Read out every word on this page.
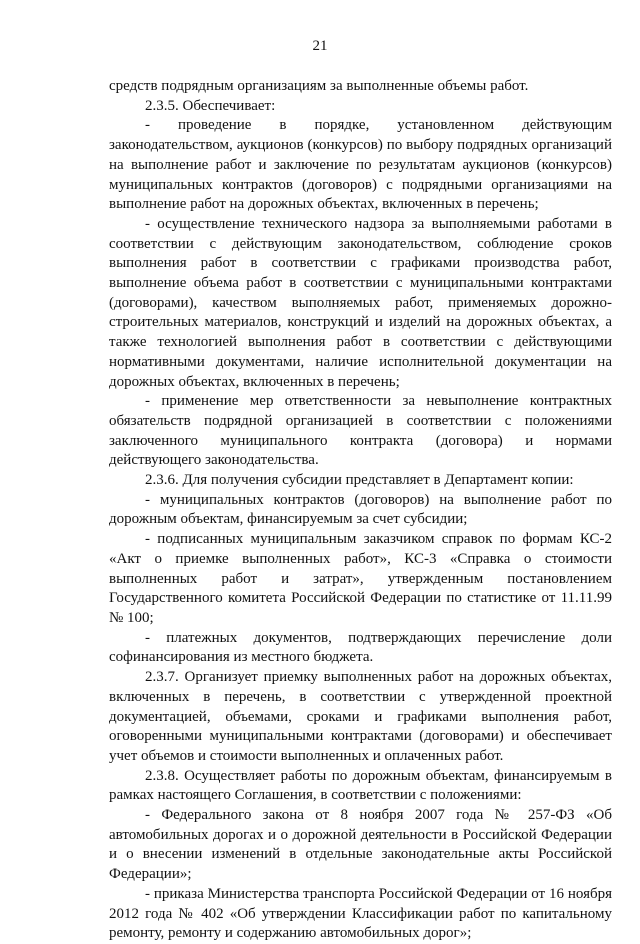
21

средств подрядным организациям за выполненные объемы работ.

2.3.5. Обеспечивает:

- проведение в порядке, установленном действующим законодательством, аукционов (конкурсов) по выбору подрядных организаций на выполнение работ и заключение по результатам аукционов (конкурсов) муниципальных контрактов (договоров) с подрядными организациями на выполнение работ на дорожных объектах, включенных в перечень;

- осуществление технического надзора за выполняемыми работами в соответствии с действующим законодательством, соблюдение сроков выполнения работ в соответствии с графиками производства работ, выполнение объема работ в соответствии с муниципальными контрактами (договорами), качеством выполняемых работ, применяемых дорожно-строительных материалов, конструкций и изделий на дорожных объектах, а также технологией выполнения работ в соответствии с действующими нормативными документами, наличие исполнительной документации на дорожных объектах, включенных в перечень;

- применение мер ответственности за невыполнение контрактных обязательств подрядной организацией в соответствии с положениями заключенного муниципального контракта (договора) и нормами действующего законодательства.

2.3.6. Для получения субсидии представляет в Департамент копии:

- муниципальных контрактов (договоров) на выполнение работ по дорожным объектам, финансируемым за счет субсидии;

- подписанных муниципальным заказчиком справок по формам КС-2 «Акт о приемке выполненных работ», КС-3 «Справка о стоимости выполненных работ и затрат», утвержденным постановлением Государственного комитета Российской Федерации по статистике от 11.11.99 № 100;

- платежных документов, подтверждающих перечисление доли софинансирования из местного бюджета.

2.3.7. Организует приемку выполненных работ на дорожных объектах, включенных в перечень, в соответствии с утвержденной проектной документацией, объемами, сроками и графиками выполнения работ, оговоренными муниципальными контрактами (договорами) и обеспечивает учет объемов и стоимости выполненных и оплаченных работ.

2.3.8. Осуществляет работы по дорожным объектам, финансируемым в рамках настоящего Соглашения, в соответствии с положениями:

- Федерального закона от 8 ноября 2007 года № 257-ФЗ «Об автомобильных дорогах и о дорожной деятельности в Российской Федерации и о внесении изменений в отдельные законодательные акты Российской Федерации»;

- приказа Министерства транспорта Российской Федерации от 16 ноября 2012 года № 402 «Об утверждении Классификации работ по капитальному ремонту, ремонту и содержанию автомобильных дорог»;
